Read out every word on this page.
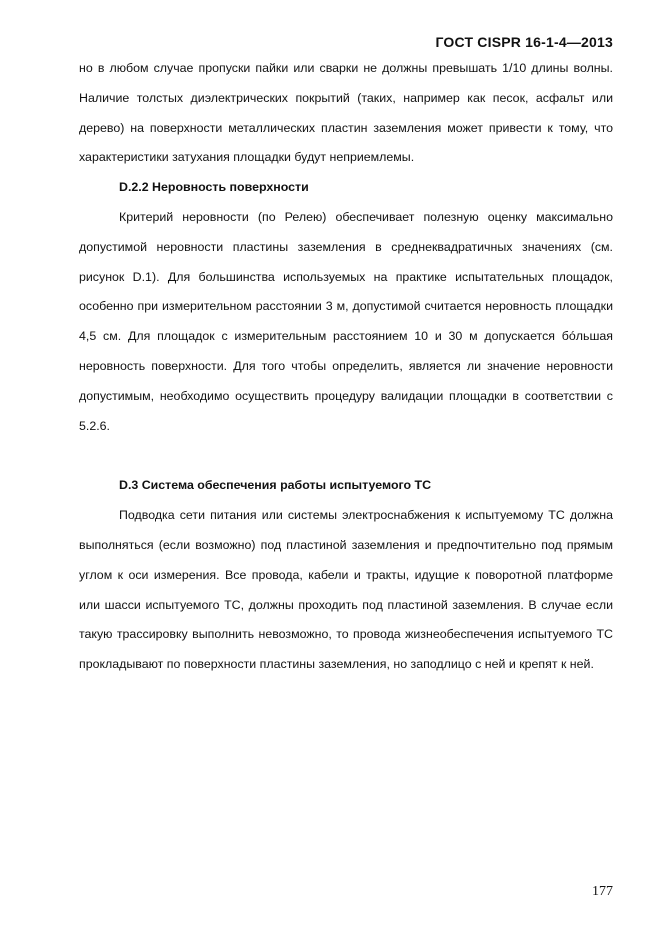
ГОСТ CISPR 16-1-4—2013

но в любом случае пропуски пайки или сварки не должны превышать 1/10 длины волны. Наличие толстых диэлектрических покрытий (таких, например как песок, асфальт или дерево) на поверхности металлических пластин заземления может привести к тому, что характеристики затухания площадки будут неприемлемы.

D.2.2 Неровность поверхности

Критерий неровности (по Релею) обеспечивает полезную оценку максимально допустимой неровности пластины заземления в среднеквадратичных значениях (см. рисунок D.1). Для большинства используемых на практике испытательных площадок, особенно при измерительном расстоянии 3 м, допустимой считается неровность площадки 4,5 см. Для площадок с измерительным расстоянием 10 и 30 м допускается бóльшая неровность поверхности. Для того чтобы определить, является ли значение неровности допустимым, необходимо осуществить процедуру валидации площадки в соответствии с 5.2.6.

D.3 Система обеспечения работы испытуемого ТС

Подводка сети питания или системы электроснабжения к испытуемому ТС должна выполняться (если возможно) под пластиной заземления и предпочтительно под прямым углом к оси измерения. Все провода, кабели и тракты, идущие к поворотной платформе или шасси испытуемого ТС, должны проходить под пластиной заземления. В случае если такую трассировку выполнить невозможно, то провода жизнеобеспечения испытуемого ТС прокладывают по поверхности пластины заземления, но заподлицо с ней и крепят к ней.

177
